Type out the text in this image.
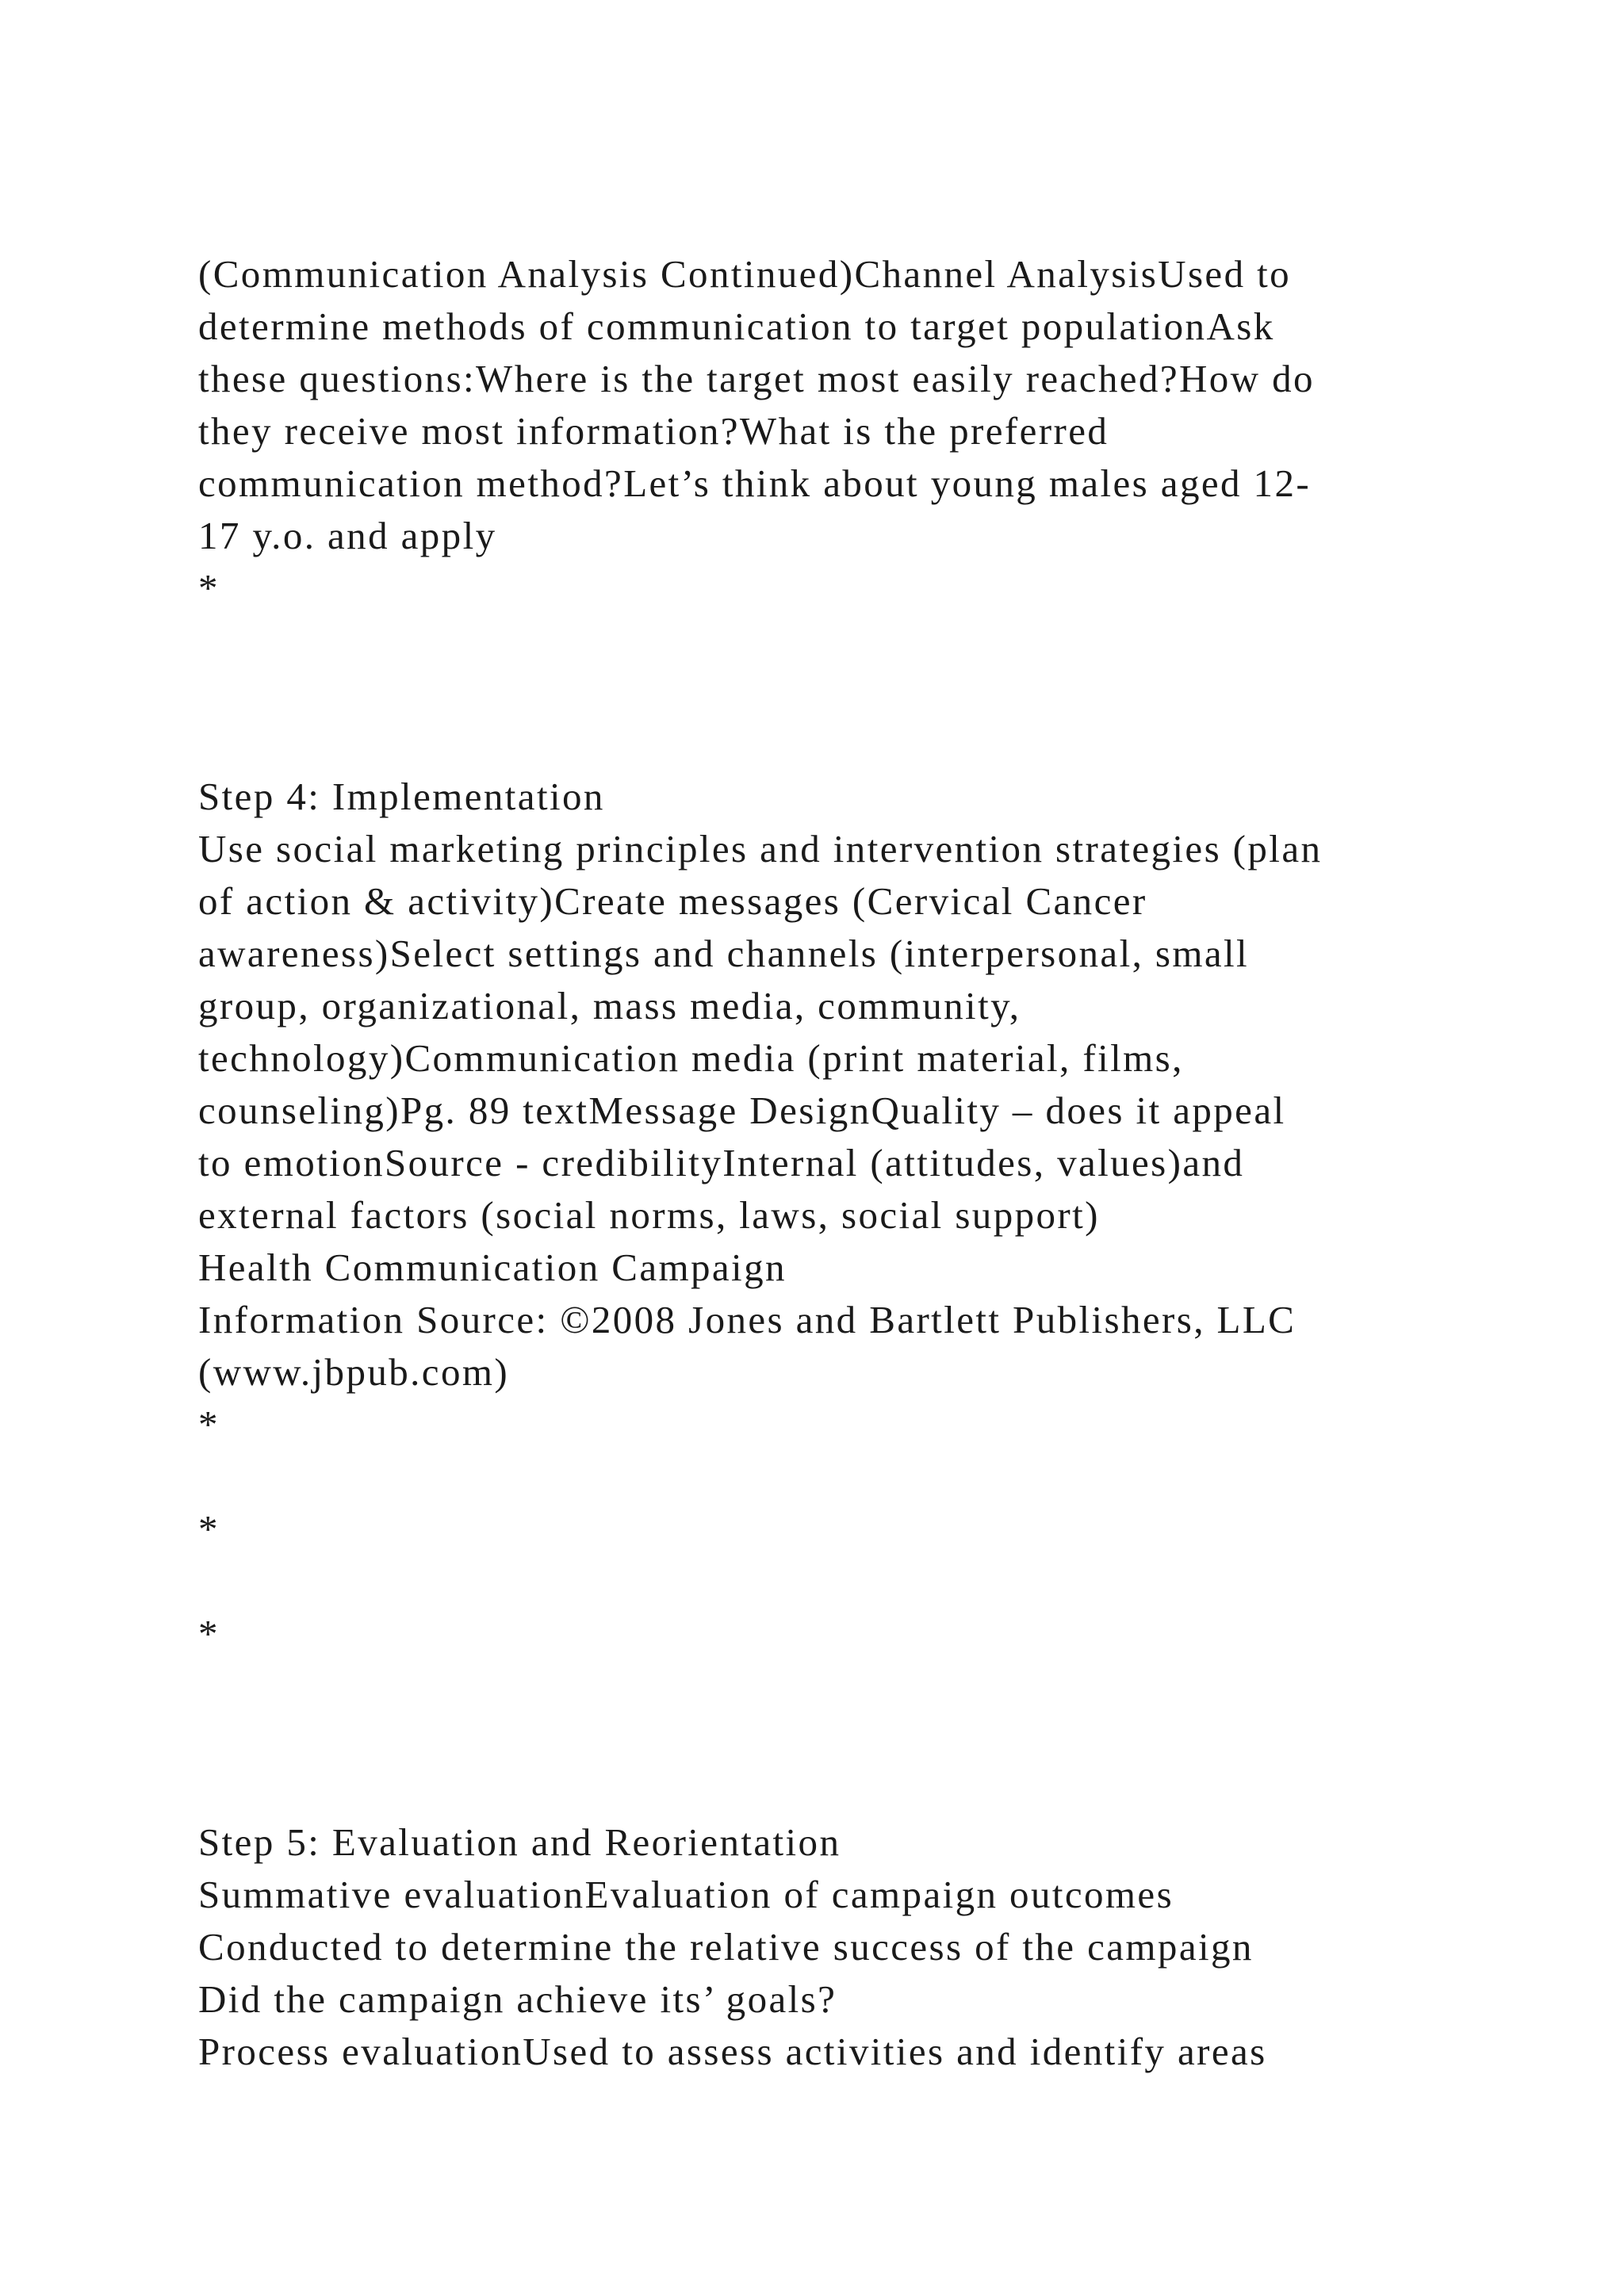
(Communication Analysis Continued)Channel AnalysisUsed to

determine methods of communication to target populationAsk

these questions:Where is the target most easily reached?How do

they receive most information?What is the preferred

communication method?Let’s think about young males aged 12-

17 y.o. and apply

*

Step 4: Implementation

Use social marketing principles and intervention strategies (plan

of action & activity)Create messages (Cervical Cancer

awareness)Select settings and channels (interpersonal, small

group, organizational, mass media, community,

technology)Communication media (print material, films,

counseling)Pg. 89 textMessage DesignQuality – does it appeal

to emotionSource - credibilityInternal (attitudes, values)and

external factors (social norms, laws, social support)

Health Communication Campaign

Information Source: ©2008 Jones and Bartlett Publishers, LLC

(www.jbpub.com)

*

*

*

Step 5: Evaluation and Reorientation

Summative evaluationEvaluation of campaign outcomes

Conducted to determine the relative success of the campaign

Did the campaign achieve its’ goals?

Process evaluationUsed to assess activities and identify areas
